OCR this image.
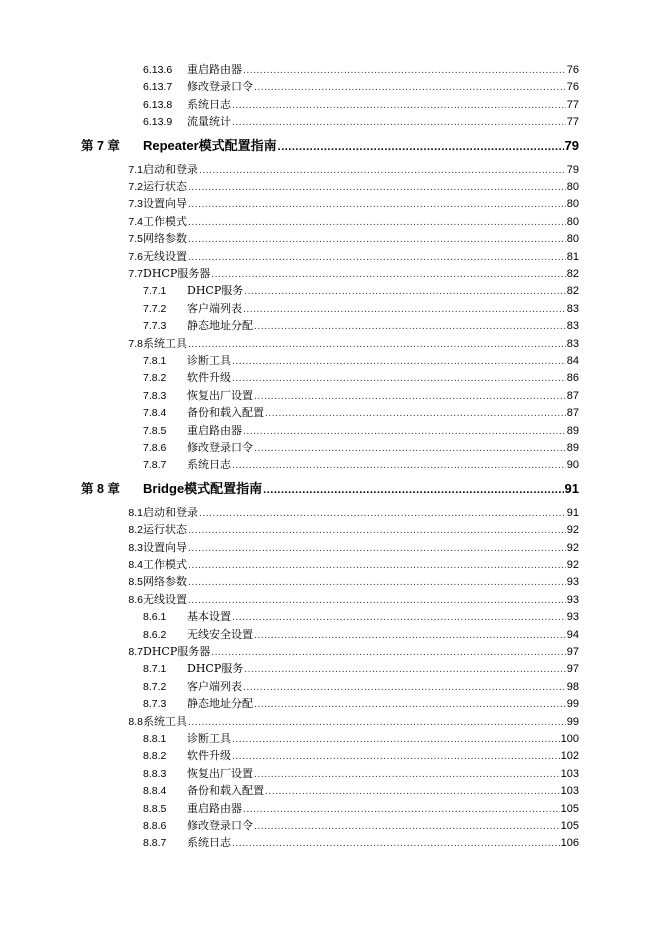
6.13.6 重启路由器 .....	76
6.13.7 修改登录口令 .....	76
6.13.8 系统日志 .....	77
6.13.9 流量统计 .....	77
第 7 章	Repeater模式配置指南 .....	79
7.1 启动和登录 .....	79
7.2 运行状态 .....	80
7.3 设置向导 .....	80
7.4 工作模式 .....	80
7.5 网络参数 .....	80
7.6 无线设置 .....	81
7.7 DHCP服务器 .....	82
7.7.1 DHCP服务 .....	82
7.7.2 客户端列表 .....	83
7.7.3 静态地址分配 .....	83
7.8 系统工具 .....	83
7.8.1 诊断工具 .....	84
7.8.2 软件升级 .....	86
7.8.3 恢复出厂设置 .....	87
7.8.4 备份和载入配置 .....	87
7.8.5 重启路由器 .....	89
7.8.6 修改登录口令 .....	89
7.8.7 系统日志 .....	90
第 8 章	Bridge模式配置指南 .....	91
8.1 启动和登录 .....	91
8.2 运行状态 .....	92
8.3 设置向导 .....	92
8.4 工作模式 .....	92
8.5 网络参数 .....	93
8.6 无线设置 .....	93
8.6.1 基本设置 .....	93
8.6.2 无线安全设置 .....	94
8.7 DHCP服务器 .....	97
8.7.1 DHCP服务 .....	97
8.7.2 客户端列表 .....	98
8.7.3 静态地址分配 .....	99
8.8 系统工具 .....	99
8.8.1 诊断工具 .....	100
8.8.2 软件升级 .....	102
8.8.3 恢复出厂设置 .....	103
8.8.4 备份和载入配置 .....	103
8.8.5 重启路由器 .....	105
8.8.6 修改登录口令 .....	105
8.8.7 系统日志 .....	106
